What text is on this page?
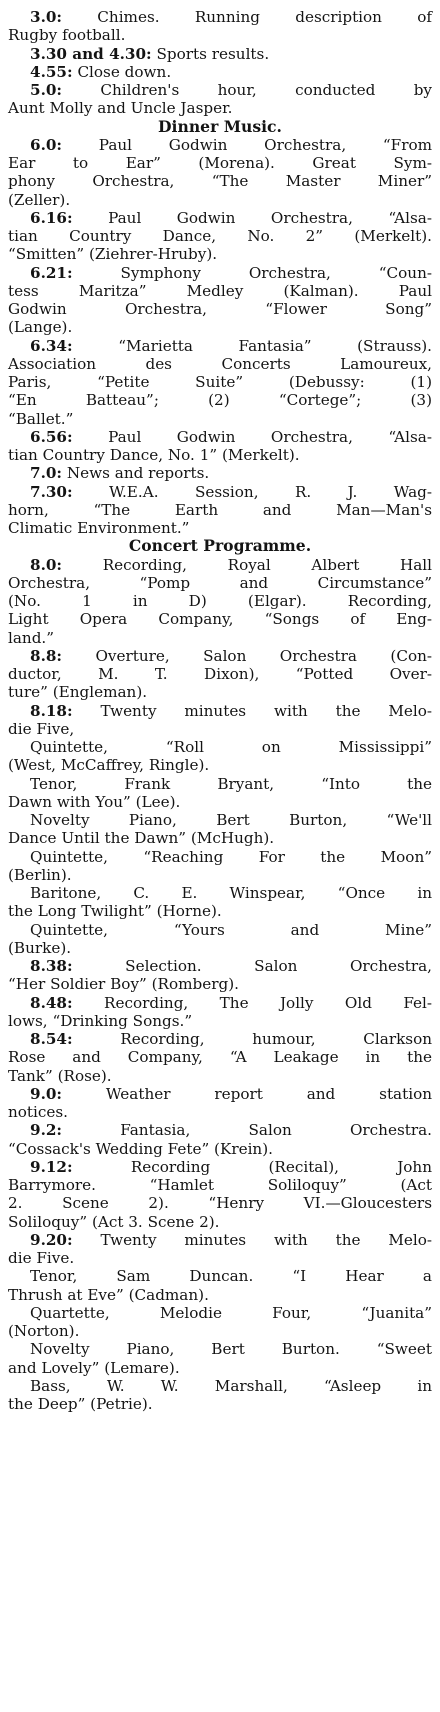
3.0: Chimes. Running description of
Rugby football.
3.30 and 4.30: Sports results.
4.55: Close down.
5.0:	Children's hour, conducted by
Aunt Molly and Uncle Jasper.
Dinner Music.
6.0: Paul Godwin Orchestra, “From
Ear to Ear” (Morena). Great Sym-
phony Orchestra, “The Master Miner”
(Zeller).
6.16: Paul Godwin Orchestra, “Alsa-
tian Country Dance, No. 2” (Merkelt).
“Smitten” (Ziehrer-Hruby).
6.21:	Symphony Orchestra, “Coun-
tess Maritza” Medley (Kalman). Paul
Godwin Orchestra, “Flower Song”
(Lange).
6.34:	“Marietta Fantasia” (Strauss).
Association des Concerts Lamoureux,
Paris, “Petite Suite” (Debussy: (1)
“En Batteau”; (2) “Cortege”; (3)
“Ballet.”
6.56: Paul Godwin Orchestra, “Alsa-
tian Country Dance, No. 1” (Merkelt).
7.0: News and reports.
7.30: W.E.A. Session, R. J. Wag-
horn, “The Earth and Man—Man's
Climatic Environment.”
Concert Programme.
8.0:	Recording, Royal Albert Hall
Orchestra, “Pomp and Circumstance”
(No. 1 in D) (Elgar). Recording,
Light Opera Company, “Songs of Eng-
land.”
8.8: Overture, Salon Orchestra (Con-
ductor, M. T. Dixon), “Potted Over-
ture” (Engleman).
8.18: Twenty minutes with the Melo-
die Five,
Quintette, “Roll on Mississippi”
(West, McCaffrey, Ringle).
Tenor, Frank Bryant, “Into the
Dawn with You” (Lee).
Novelty Piano, Bert Burton, “We'll
Dance Until the Dawn” (McHugh).
Quintette, “Reaching For the Moon”
(Berlin).
Baritone, C. E. Winspear, “Once in
the Long Twilight” (Horne).
Quintette, “Yours and Mine”
(Burke).
8.38:	Selection. Salon Orchestra,
“Her Soldier Boy” (Romberg).
8.48: Recording, The Jolly Old Fel-
lows, “Drinking Songs.”
8.54:	Recording, humour, Clarkson
Rose and Company, “A Leakage in the
Tank” (Rose).
9.0:	Weather report and station
notices.
9.2:	Fantasia, Salon Orchestra.
“Cossack's Wedding Fete” (Krein).
9.12:	Recording (Recital), John
Barrymore. “Hamlet Soliloquy” (Act
2. Scene 2). “Henry VI.—Gloucesters
Soliloquy” (Act 3. Scene 2).
9.20: Twenty minutes with the Melo-
die Five.
Tenor, Sam Duncan. “I Hear a
Thrush at Eve” (Cadman).
Quartette, Melodie Four, “Juanita”
(Norton).
Novelty Piano, Bert Burton. “Sweet
and Lovely” (Lemare).
Bass, W. W. Marshall, “Asleep in
the Deep” (Petrie).
